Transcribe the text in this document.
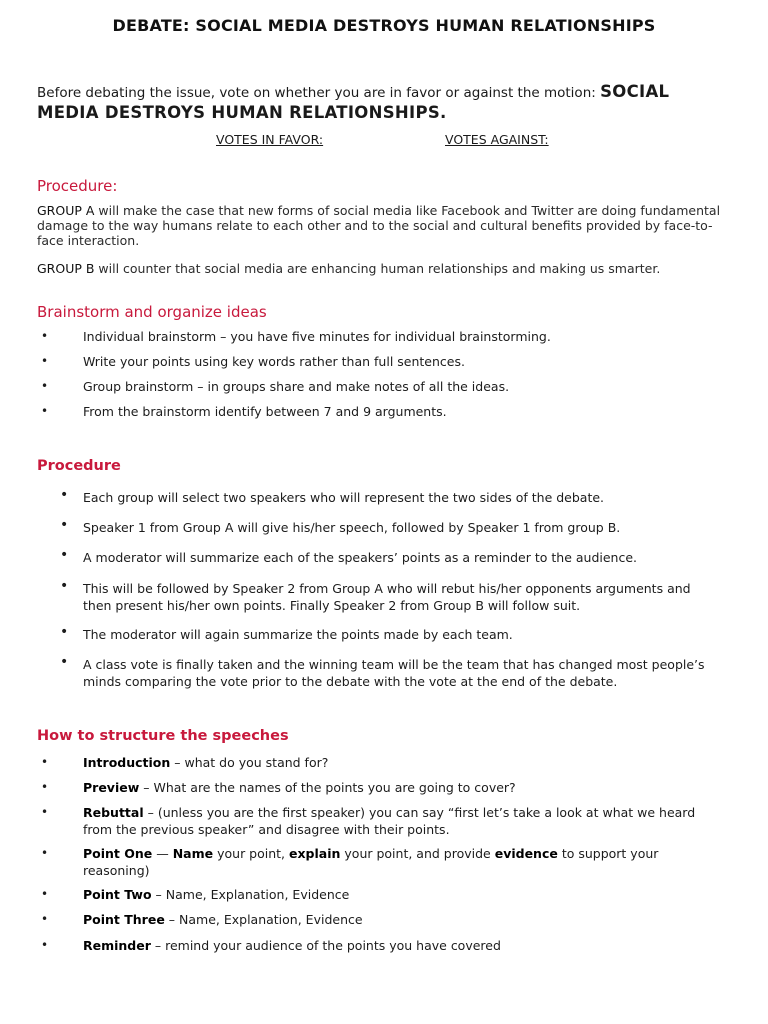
DEBATE: SOCIAL MEDIA DESTROYS HUMAN RELATIONSHIPS
Before debating the issue, vote on whether you are in favor or against the motion: SOCIAL MEDIA DESTROYS HUMAN RELATIONSHIPS.
VOTES IN FAVOR:	VOTES AGAINST:
Procedure:
GROUP A will make the case that new forms of social media like Facebook and Twitter are doing fundamental damage to the way humans relate to each other and to the social and cultural benefits provided by face-to-face interaction.
GROUP B will counter that social media are enhancing human relationships and making us smarter.
Brainstorm and organize ideas
•	Individual brainstorm – you have five minutes for individual brainstorming.
•	Write your points using key words rather than full sentences.
•	Group brainstorm – in groups share and make notes of all the ideas.
•	From the brainstorm identify between 7 and 9 arguments.
Procedure
• Each group will select two speakers who will represent the two sides of the debate.
• Speaker 1 from Group A will give his/her speech, followed by Speaker 1 from group B.
• A moderator will summarize each of the speakers’ points as a reminder to the audience.
• This will be followed by Speaker 2 from Group A who will rebut his/her opponents arguments and then present his/her own points. Finally Speaker 2 from Group B will follow suit.
• The moderator will again summarize the points made by each team.
• A class vote is finally taken and the winning team will be the team that has changed most people’s minds comparing the vote prior to the debate with the vote at the end of the debate.
How to structure the speeches
•	Introduction – what do you stand for?
•	Preview – What are the names of the points you are going to cover?
•	Rebuttal – (unless you are the first speaker) you can say “first let’s take a look at what we heard from the previous speaker” and disagree with their points.
•	Point One — Name your point, explain your point, and provide evidence to support your reasoning)
•	Point Two – Name, Explanation, Evidence
•	Point Three – Name, Explanation, Evidence
•	Reminder – remind your audience of the points you have covered
